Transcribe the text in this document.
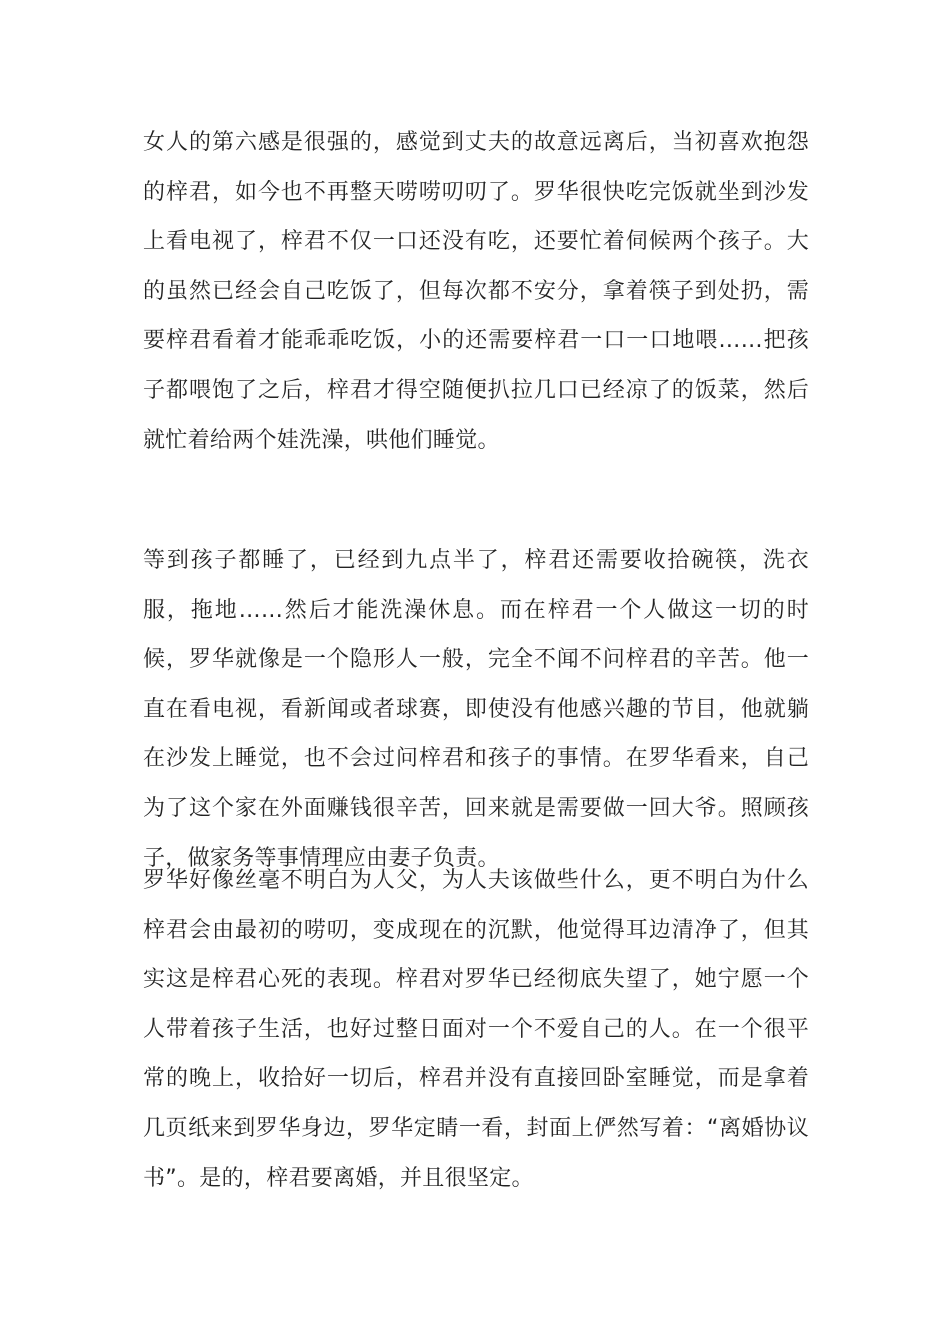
女人的第六感是很强的，感觉到丈夫的故意远离后，当初喜欢抱怨的梓君，如今也不再整天唠唠叨叨了。罗华很快吃完饭就坐到沙发上看电视了，梓君不仅一口还没有吃，还要忙着伺候两个孩子。大的虽然已经会自己吃饭了，但每次都不安分，拿着筷子到处扔，需要梓君看着才能乖乖吃饭，小的还需要梓君一口一口地喂……把孩子都喂饱了之后，梓君才得空随便扒拉几口已经凉了的饭菜，然后就忙着给两个娃洗澡，哄他们睡觉。

等到孩子都睡了，已经到九点半了，梓君还需要收拾碗筷，洗衣服，拖地……然后才能洗澡休息。而在梓君一个人做这一切的时候，罗华就像是一个隐形人一般，完全不闻不问梓君的辛苦。他一直在看电视，看新闻或者球赛，即使没有他感兴趣的节目，他就躺在沙发上睡觉，也不会过问梓君和孩子的事情。在罗华看来，自己为了这个家在外面赚钱很辛苦，回来就是需要做一回大爷。照顾孩子，做家务等事情理应由妻子负责。

罗华好像丝毫不明白为人父，为人夫该做些什么，更不明白为什么梓君会由最初的唠叨，变成现在的沉默，他觉得耳边清净了，但其实这是梓君心死的表现。梓君对罗华已经彻底失望了，她宁愿一个人带着孩子生活，也好过整日面对一个不爱自己的人。在一个很平常的晚上，收拾好一切后，梓君并没有直接回卧室睡觉，而是拿着几页纸来到罗华身边，罗华定睛一看，封面上俨然写着：“离婚协议书”。是的，梓君要离婚，并且很坚定。
